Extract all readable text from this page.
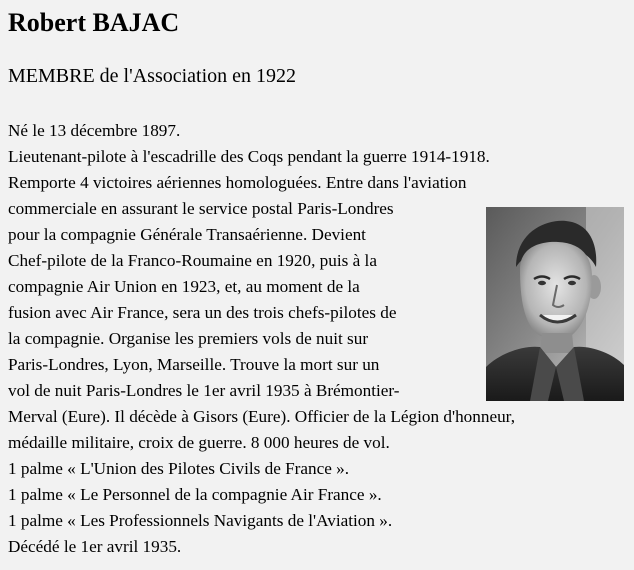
Robert BAJAC

MEMBRE de l'Association en 1922

Né le 13 décembre 1897.
Lieutenant-pilote à l'escadrille des Coqs pendant la guerre 1914-1918.
Remporte 4 victoires aériennes homologuées. Entre dans l'aviation
commerciale en assurant le service postal Paris-Londres
pour la compagnie Générale Transaérienne. Devient
Chef-pilote de la Franco-Roumaine en 1920, puis à la
compagnie Air Union en 1923, et, au moment de la
fusion avec Air France, sera un des trois chefs-pilotes de
la compagnie. Organise les premiers vols de nuit sur
Paris-Londres, Lyon, Marseille. Trouve la mort sur un
vol de nuit Paris-Londres le 1er avril 1935 à Brémontier-
Merval (Eure). Il décède à Gisors (Eure). Officier de la Légion d'honneur,
médaille militaire, croix de guerre. 8 000 heures de vol.
1 palme « L'Union des Pilotes Civils de France ».
1 palme « Le Personnel de la compagnie Air France ».
1 palme « Les Professionnels Navigants de l'Aviation ».
Décédé le 1er avril 1935.
